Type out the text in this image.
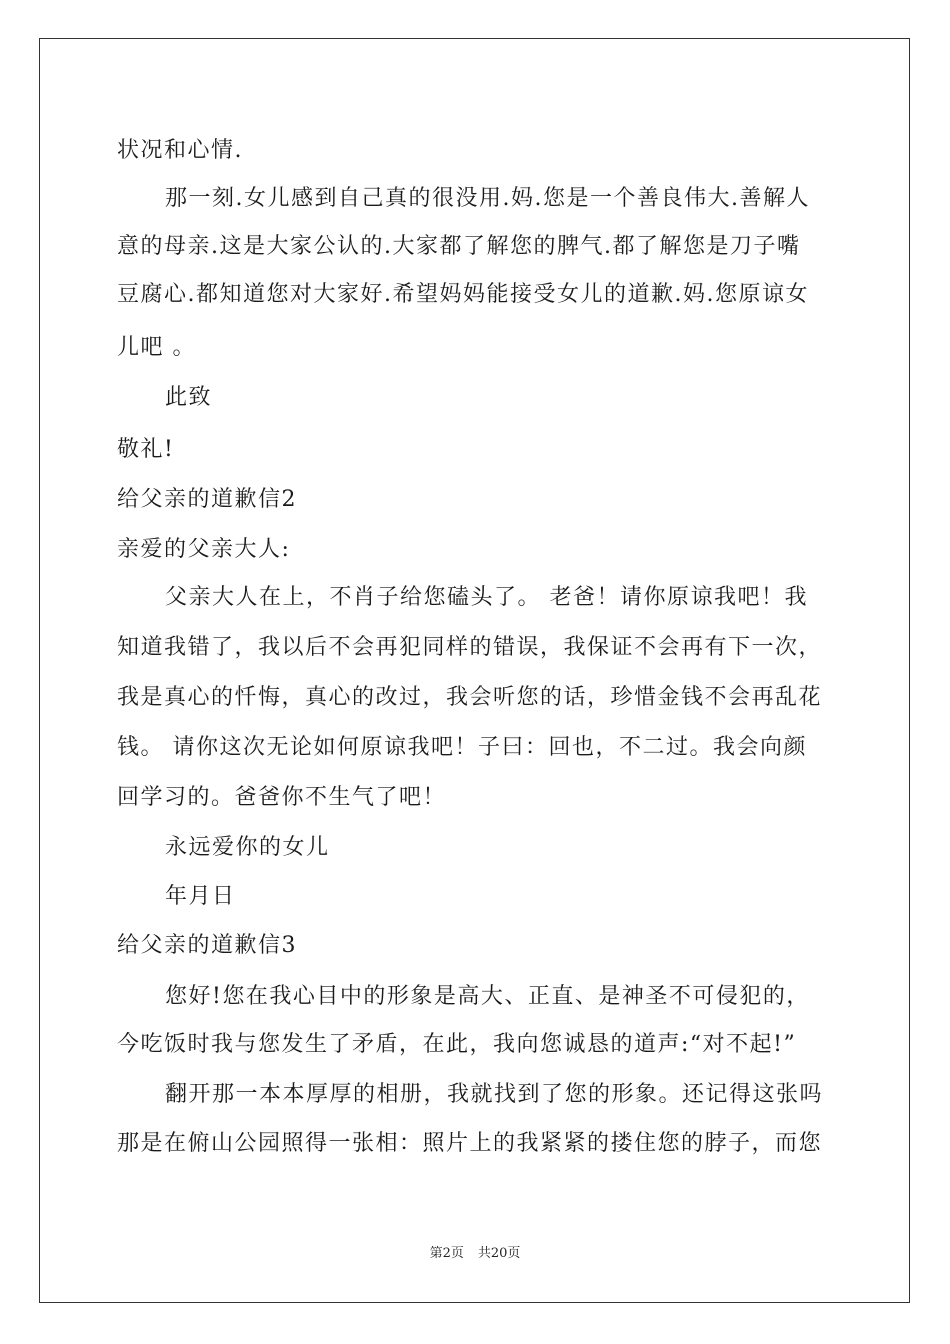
状况和心情.
那一刻.女儿感到自己真的很没用.妈.您是一个善良伟大.善解人
意的母亲.这是大家公认的.大家都了解您的脾气.都了解您是刀子嘴
豆腐心.都知道您对大家好.希望妈妈能接受女儿的道歉.妈.您原谅女
儿吧 。
此致
敬礼!
给父亲的道歉信2
亲爱的父亲大人:
父亲大人在上，不肖子给您磕头了。 老爸！请你原谅我吧！我
知道我错了，我以后不会再犯同样的错误，我保证不会再有下一次，
我是真心的忏悔，真心的改过，我会听您的话，珍惜金钱不会再乱花
钱。 请你这次无论如何原谅我吧！子曰：回也，不二过。我会向颜
回学习的。爸爸你不生气了吧！
永远爱你的女儿
年月日
给父亲的道歉信3
您好!您在我心目中的形象是高大、正直、是神圣不可侵犯的，
今吃饭时我与您发生了矛盾，在此，我向您诚恳的道声:“对不起!”
翻开那一本本厚厚的相册，我就找到了您的形象。还记得这张吗
那是在俯山公园照得一张相：照片上的我紧紧的搂住您的脖子，而您
第2页 共20页
